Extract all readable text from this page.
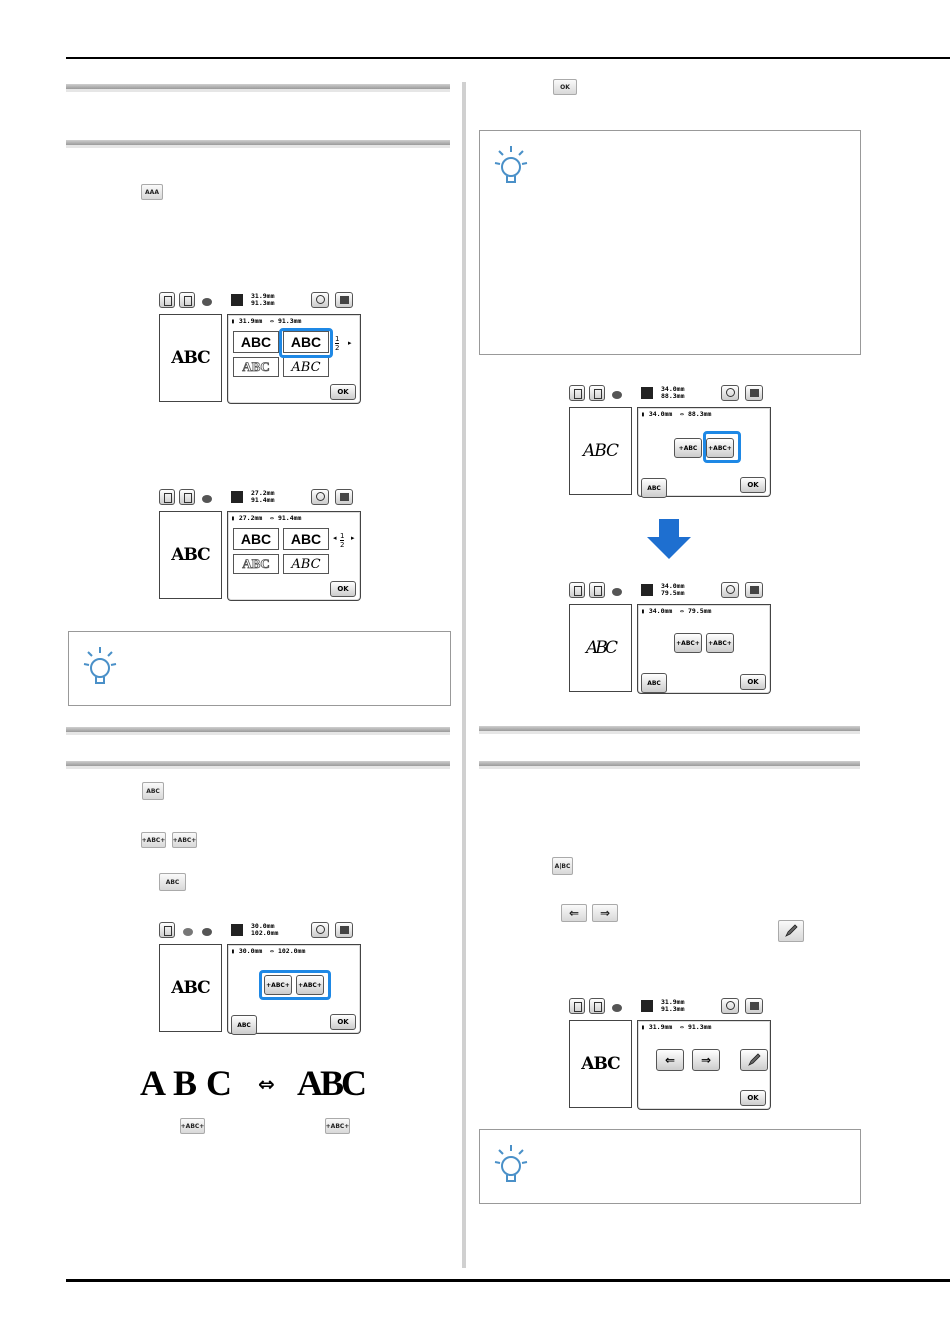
AAA
31.9mm
91.3mm
ABC
▮ 31.9mm  ⇔ 91.3mm
ABC ABC
ABC ABC
1
2
▸
OK
27.2mm
91.4mm
ABC
▮ 27.2mm  ⇔ 91.4mm
ABC ABC
ABC ABC
◂ 1
2
▸
OK
ABC
+ABC+ +ABC+
ABC
30.0mm
102.0mm
ABC
▮ 30.0mm  ⇔ 102.0mm
+ABC+ +ABC+
ABC	OK
A B C ⇔ ABC
+ABC+	+ABC+
OK
34.0mm
88.3mm
ABC
▮ 34.0mm  ⇔ 88.3mm
+ABC +ABC+
ABC	OK
34.0mm
79.5mm
ABC
▮ 34.0mm  ⇔ 79.5mm
+ABC+ +ABC+
ABC	OK
A|BC
⇐	⇒
31.9mm
91.3mm
ABC
▮ 31.9mm  ⇔ 91.3mm
⇐	⇒
OK
